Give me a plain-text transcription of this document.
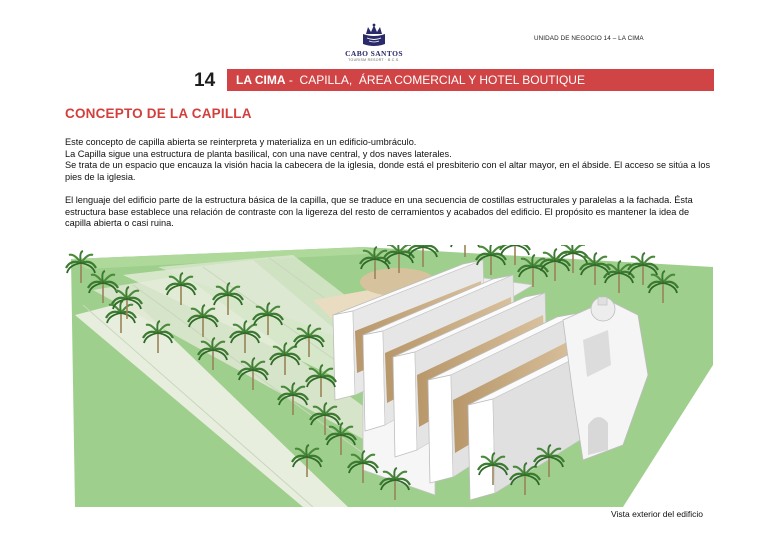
CABO SANTOS
TOURISM RESORT · B.C.S.
UNIDAD DE NEGOCIO 14 – LA CIMA
14 LA CIMA -  CAPILLA,  ÁREA COMERCIAL Y HOTEL BOUTIQUE
CONCEPTO DE LA CAPILLA

Este concepto de capilla abierta se reinterpreta y materializa en un edificio-umbráculo.

La Capilla sigue una estructura de planta basilical, con una nave central, y dos naves laterales.

Se trata de un espacio que encauza la visión hacia la cabecera de la iglesia, donde está el presbiterio con el altar mayor, en el ábside. El acceso se sitúa a los pies de la iglesia.

El lenguaje del edificio parte de la estructura básica de la capilla, que se traduce en una secuencia de costillas estructurales y paralelas a la fachada. Ésta estructura base establece una relación de contraste con la ligereza del resto de cerramientos y acabados del edificio. El propósito es mantener la idea de capilla abierta o casi ruina.

Vista exterior del edificio
